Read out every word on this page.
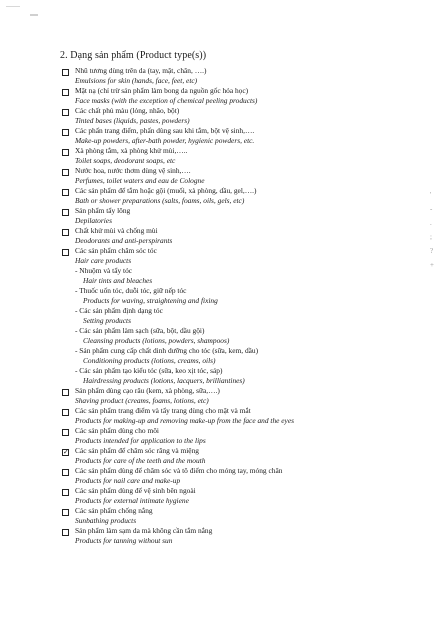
'
-
.
;
?
+
2. Dạng sản phẩm (Product type(s))
Nhũ tương dùng trên da (tay, mặt, chân, ….)
Emulsions for skin (hands, face, feet, etc)
Mặt nạ (chỉ trừ sản phẩm làm bong da nguồn gốc hóa học)
Face masks (with the exception of chemical peeling products)
Các chất phủ màu (lỏng, nhão, bột)
Tinted bases (liquids, pastes, powders)
Các phấn trang điểm, phấn dùng sau khi tắm, bột vệ sinh,….
Make-up powders, after-bath powder, hygienic powders, etc.
Xà phòng tắm, xà phòng khử mùi,…..
Toilet soaps, deodorant soaps, etc
Nước hoa, nước thơm dùng vệ sinh,….
Perfumes, toilet waters and eau de Cologne
Các sản phẩm để tắm hoặc gội (muối, xà phòng, dầu, gel,….)
Bath or shower preparations (salts, foams, oils, gels, etc)
Sản phẩm tẩy lông
Depilatories
Chất khử mùi và chống mùi
Deodorants and anti-perspirants
Các sản phẩm chăm sóc tóc
Hair care products
- Nhuộm và tẩy tóc
Hair tints and bleaches
- Thuốc uốn tóc, duỗi tóc, giữ nếp tóc
Products for waving, straightening and fixing
- Các sản phẩm định dạng tóc
Setting products
- Các sản phẩm làm sạch (sữa, bột, dầu gội)
Cleansing products (lotions, powders, shampoos)
- Sản phẩm cung cấp chất dinh dưỡng cho tóc (sữa, kem, dầu)
Conditioning products (lotions, creams, oils)
- Các sản phẩm tạo kiểu tóc (sữa, keo xịt tóc, sáp)
Hairdressing products (lotions, lacquers, brilliantines)
Sản phẩm dùng cạo râu (kem, xà phòng, sữa,….)
Shaving product (creams, foams, lotions, etc)
Các sản phẩm trang điểm và tẩy trang dùng cho mặt và mắt
Products for making-up and removing make-up from the face and the eyes
Các sản phẩm dùng cho môi
Products intended for application to the lips
✓
Các sản phẩm để chăm sóc răng và miệng
Products for care of the teeth and the mouth
Các sản phẩm dùng để chăm sóc và tô điểm cho móng tay, móng chân
Products for nail care and make-up
Các sản phẩm dùng để vệ sinh bên ngoài
Products for external intimate hygiene
Các sản phẩm chống nắng
Sunbathing products
Sản phẩm làm sạm da mà không cần tắm nắng
Products for tanning without sun
